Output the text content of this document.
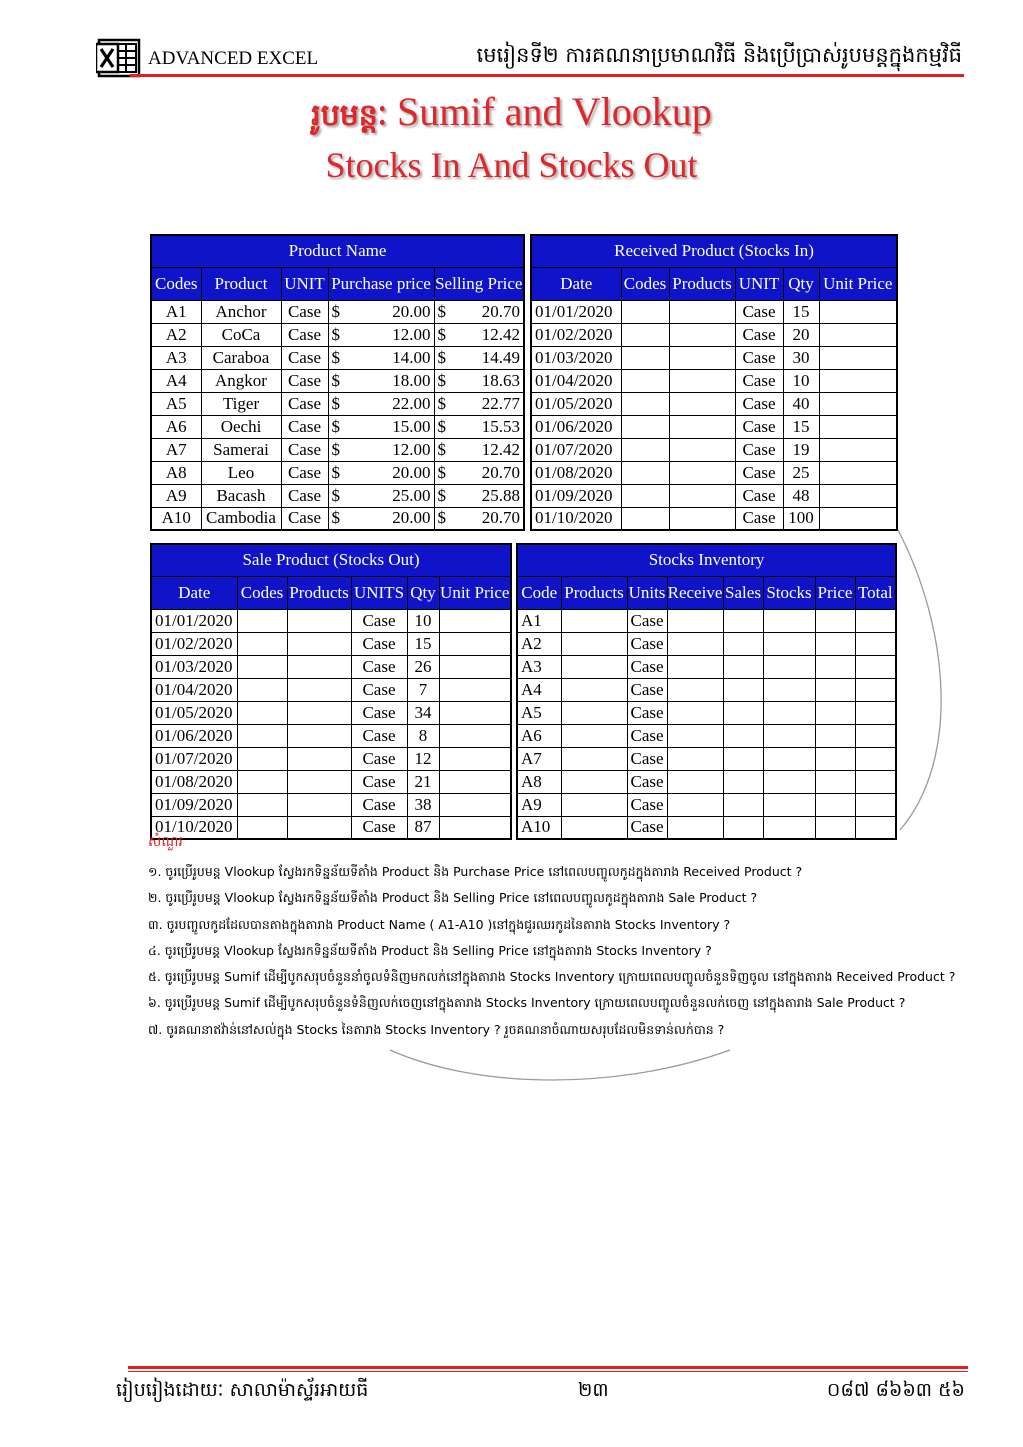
ADVANCED EXCEL	មេរៀនទី២ ការគណនាប្រមាណវិធី និងប្រើប្រាស់រូបមន្តក្នុងកម្មវិធី
រូបមន្តៈ Sumif and Vlookup
Stocks In And Stocks Out
Product Name				
Codes	Product	UNIT	Purchase price	Selling Price
A1	Anchor	Case	$ 20.00	$ 20.70

A2	CoCa	Case	$ 12.00	$ 12.42

A3	Caraboa	Case	$ 14.00	$ 14.49

A4	Angkor	Case	$ 18.00	$ 18.63

A5	Tiger	Case	$ 22.00	$ 22.77

A6	Oechi	Case	$ 15.00	$ 15.53

A7	Samerai	Case	$ 12.00	$ 12.42

A8	Leo	Case	$ 20.00	$ 20.70

A9	Bacash	Case	$ 25.00	$ 25.88

A10	Cambodia	Case	$ 20.00	$ 20.70
Received Product (Stocks In)					
Date	Codes	Products	UNIT	Qty	Unit Price
01/01/2020			Case	15	
01/02/2020			Case	20	
01/03/2020			Case	30	
01/04/2020			Case	10	
01/05/2020			Case	40	
01/06/2020			Case	15	
01/07/2020			Case	19	
01/08/2020			Case	25	
01/09/2020			Case	48	
01/10/2020			Case	100	
Sale Product (Stocks Out)					
Date	Codes	Products	UNITS	Qty	Unit Price
01/01/2020			Case	10	
01/02/2020			Case	15	
01/03/2020			Case	26	
01/04/2020			Case	7	
01/05/2020			Case	34	
01/06/2020			Case	8	
01/07/2020			Case	12	
01/08/2020			Case	21	
01/09/2020			Case	38	
01/10/2020			Case	87	
Stocks Inventory							
Code	Products	Units	Receive	Sales	Stocks	Price	Total
A1		Case					
A2		Case					
A3		Case					
A4		Case					
A5		Case					
A6		Case					
A7		Case					
A8		Case					
A9		Case					
A10		Case					
សំណួរ
១. ចូរប្រើរូបមន្ត Vlookup ស្វែងរកទិន្នន័យទីតាំង Product និង Purchase Price នៅពេលបញ្ចូលកូដក្នុងតារាង Received Product ?
២. ចូរប្រើរូបមន្ត Vlookup ស្វែងរកទិន្នន័យទីតាំង Product និង Selling Price នៅពេលបញ្ចូលកូដក្នុងតារាង Sale Product ?
៣. ចូរបញ្ចូលកូដដែលបានតាងក្នុងតារាង Product Name ( A1-A10 )នៅក្នុងជួរឈរកូដនៃតារាង Stocks Inventory ?
៤. ចូរប្រើរូបមន្ត Vlookup ស្វែងរកទិន្នន័យទីតាំង Product និង Selling Price នៅក្នុងតារាង Stocks Inventory ?
៥. ចូរប្រើរូបមន្ត Sumif ដើម្បីបូកសរុបចំនួននាំចូលទំនិញមកលក់នៅក្នុងតារាង Stocks Inventory ក្រោយពេលបញ្ចូលចំនួនទិញចូល នៅក្នុងតារាង Received Product ?
៦. ចូរប្រើរូបមន្ត Sumif ដើម្បីបូកសរុបចំនួនទំនិញលក់ចេញនៅក្នុងតារាង Stocks Inventory ក្រោយពេលបញ្ចូលចំនួនលក់ចេញ នៅក្នុងតារាង Sale Product ?
៧. ចូរគណនាឥវ៉ាន់នៅសល់ក្នុង Stocks នៃតារាង Stocks Inventory ? រួចគណនាចំណាយសរុបដែលមិនទាន់លក់បាន ?
រៀបរៀងដោយៈ សាលាម៉ាស្ទ័រអាយធី	២៣	០៨៧ ៨៦៦៣ ៥៦
